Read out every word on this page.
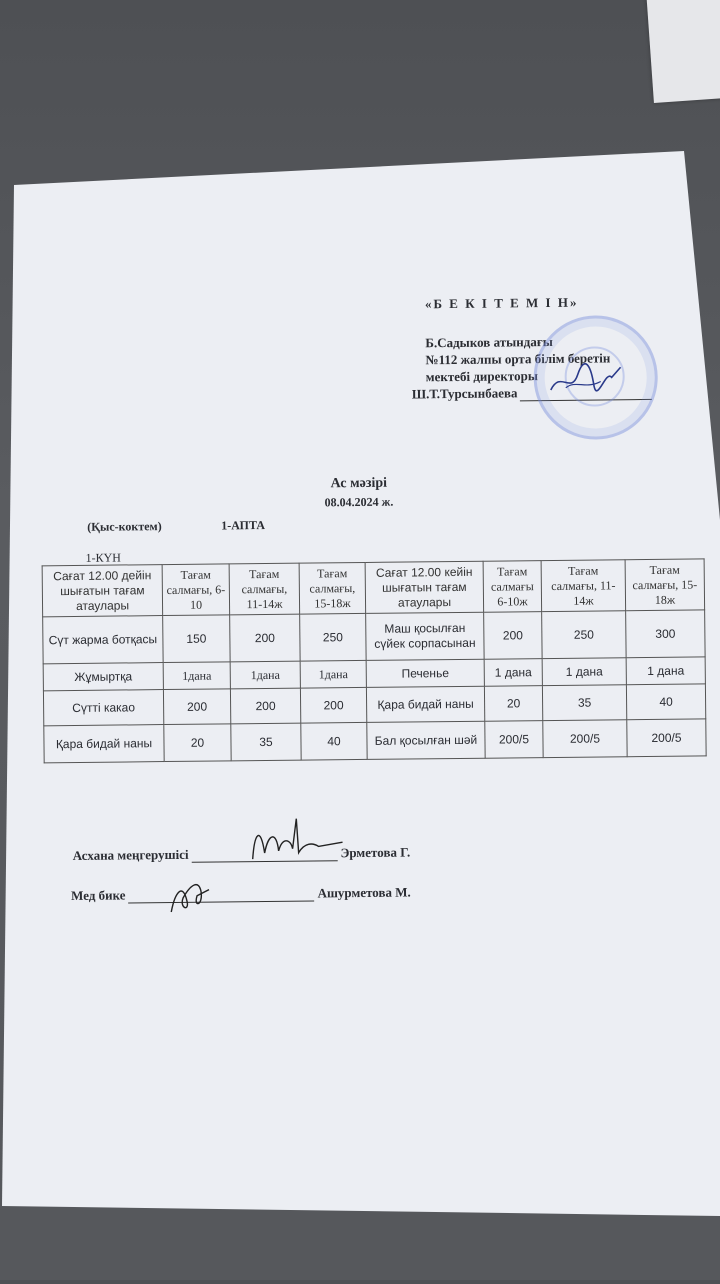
«Б Е К І Т Е М І Н»
Б.Садыков атындағы
№112 жалпы орта білім беретін
мектебі директоры
Ш.Т.Турсынбаева
Ас мәзірі
08.04.2024 ж.
(Қыс-коктем)	1-АПТА
1-КҮН
Сағат 12.00 дейін шығатын тағам атаулары	Тағам салмағы, 6-10	Тағам салмағы, 11-14ж	Тағам салмағы, 15-18ж	Сағат 12.00 кейін шығатын тағам атаулары	Тағам салмағы 6-10ж	Тағам салмағы, 11-14ж	Тағам салмағы, 15-18ж
Сүт жарма ботқасы	150	200	250	Маш қосылған сүйек сорпасынан	200	250	300
Жұмыртқа	1дана	1дана	1дана	Печенье	1 дана	1 дана	1 дана
Сүтті какао	200	200	200	Қара бидай наны	20	35	40
Қара бидай наны	20	35	40	Бал қосылған шәй	200/5	200/5	200/5
Асхана меңгерушісі	Эрметова Г.
Мед бике	Ашурметова М.
